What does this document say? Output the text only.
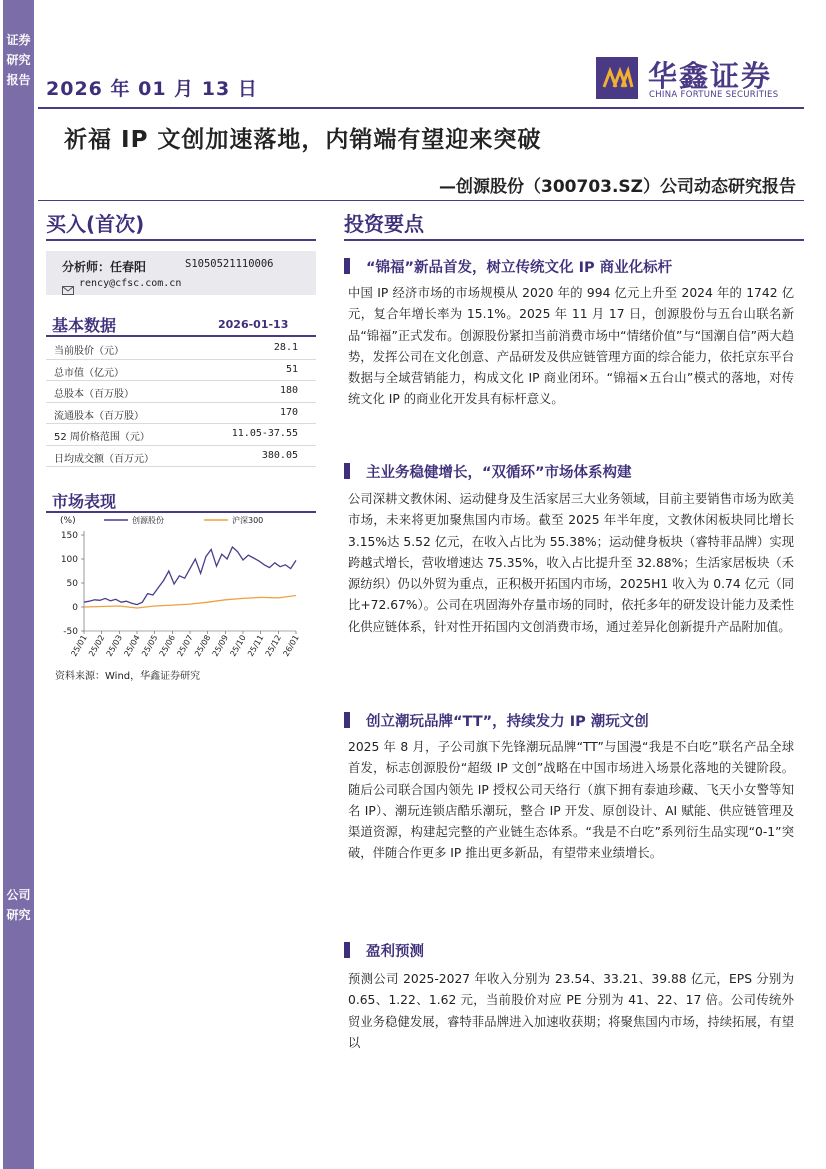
证券研究报告
公司研究
2026 年 01 月 13 日	华鑫证券
CHINA FORTUNE SECURITIES
祈福 IP 文创加速落地，内销端有望迎来突破
—创源股份（300703.SZ）公司动态研究报告
买入(首次)
分析师：任春阳	S1050521110006
rency@cfsc.com.cn
基本数据	2026-01-13
当前股价（元）	28.1
总市值（亿元）	51
总股本（百万股）	180
流通股本（百万股）	170
52 周价格范围（元）	11.05-37.55
日均成交额（百万元）	380.05
市场表现
(%)	创源股份	沪深300
150
100
50
0
-50
25/01
25/02
25/03
25/04
25/05
25/06
25/07
25/08
25/09
25/10
25/11
25/12
26/01
资料来源：Wind，华鑫证券研究
投资要点
“锦福”新品首发，树立传统文化 IP 商业化标杆
中国 IP 经济市场的市场规模从 2020 年的 994 亿元上升至 2024 年的 1742 亿元，复合年增长率为 15.1%。2025 年 11 月 17 日，创源股份与五台山联名新品“锦福”正式发布。创源股份紧扣当前消费市场中“情绪价值”与“国潮自信”两大趋势，发挥公司在文化创意、产品研发及供应链管理方面的综合能力，依托京东平台数据与全域营销能力，构成文化 IP 商业闭环。“锦福×五台山”模式的落地，对传统文化 IP 的商业化开发具有标杆意义。
主业务稳健增长，“双循环”市场体系构建
公司深耕文教休闲、运动健身及生活家居三大业务领域，目前主要销售市场为欧美市场，未来将更加聚焦国内市场。截至 2025 年半年度，文教休闲板块同比增长 3.15%达 5.52 亿元，在收入占比为 55.38%；运动健身板块（睿特菲品牌）实现跨越式增长，营收增速达 75.35%，收入占比提升至 32.88%；生活家居板块（禾源纺织）仍以外贸为重点，正积极开拓国内市场，2025H1 收入为 0.74 亿元（同比+72.67%）。公司在巩固海外存量市场的同时，依托多年的研发设计能力及柔性化供应链体系，针对性开拓国内文创消费市场，通过差异化创新提升产品附加值。
创立潮玩品牌“TT”，持续发力 IP 潮玩文创
2025 年 8 月，子公司旗下先锋潮玩品牌“TT”与国漫“我是不白吃”联名产品全球首发，标志创源股份“超级 IP 文创”战略在中国市场进入场景化落地的关键阶段。随后公司联合国内领先 IP 授权公司天络行（旗下拥有泰迪珍藏、飞天小女警等知名 IP）、潮玩连锁店酷乐潮玩，整合 IP 开发、原创设计、AI 赋能、供应链管理及渠道资源，构建起完整的产业链生态体系。“我是不白吃”系列衍生品实现“0-1”突破，伴随合作更多 IP 推出更多新品，有望带来业绩增长。
盈利预测
预测公司 2025-2027 年收入分别为 23.54、33.21、39.88 亿元，EPS 分别为 0.65、1.22、1.62 元，当前股价对应 PE 分别为 41、22、17 倍。公司传统外贸业务稳健发展，睿特菲品牌进入加速收获期；将聚焦国内市场，持续拓展，有望以
